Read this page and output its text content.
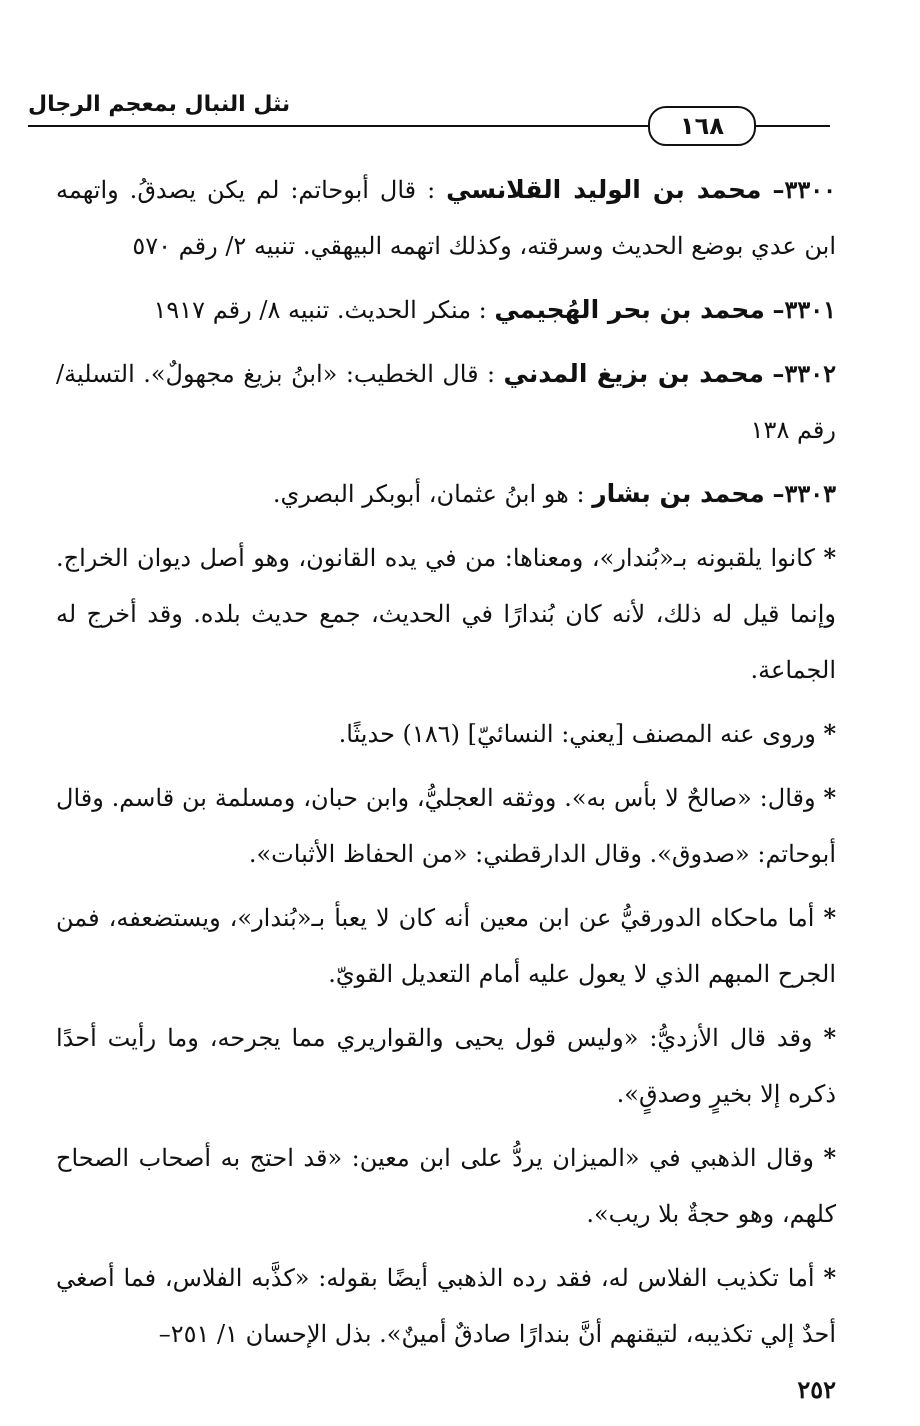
نثل النبال بمعجم الرجال
١٦٨

٣٣٠٠– محمد بن الوليد القلانسي : قال أبوحاتم: لم يكن يصدقُ. واتهمه ابن عدي بوضع الحديث وسرقته، وكذلك اتهمه البيهقي. تنبيه ٢/ رقم ٥٧٠

٣٣٠١– محمد بن بحر الهُجيمي : منكر الحديث. تنبيه ٨/ رقم ١٩١٧

٣٣٠٢– محمد بن بزيغ المدني : قال الخطيب: «ابنُ بزيغ مجهولٌ». التسلية/ رقم ١٣٨

٣٣٠٣– محمد بن بشار : هو ابنُ عثمان، أبوبكر البصري.

* كانوا يلقبونه بـ«بُندار»، ومعناها: من في يده القانون، وهو أصل ديوان الخراج. وإنما قيل له ذلك، لأنه كان بُندارًا في الحديث، جمع حديث بلده. وقد أخرج له الجماعة.

* وروى عنه المصنف [يعني: النسائيّ] (١٨٦) حديثًا.

* وقال: «صالحٌ لا بأس به». ووثقه العجليُّ، وابن حبان، ومسلمة بن قاسم. وقال أبوحاتم: «صدوق». وقال الدارقطني: «من الحفاظ الأثبات».

* أما ماحكاه الدورقيُّ عن ابن معين أنه كان لا يعبأ بـ«بُندار»، ويستضعفه، فمن الجرح المبهم الذي لا يعول عليه أمام التعديل القويّ.

* وقد قال الأزديُّ: «وليس قول يحيى والقواريري مما يجرحه، وما رأيت أحدًا ذكره إلا بخيرٍ وصدقٍ».

* وقال الذهبي في «الميزان يردُّ على ابن معين: «قد احتج به أصحاب الصحاح كلهم، وهو حجةٌ بلا ريب».

* أما تكذيب الفلاس له، فقد رده الذهبي أيضًا بقوله: «كذَّبه الفلاس، فما أصغي أحدٌ إلي تكذيبه، لتيقنهم أنَّ بندارًا صادقٌ أمينٌ». بذل الإحسان ١/ ٢٥١–
٢٥٢
